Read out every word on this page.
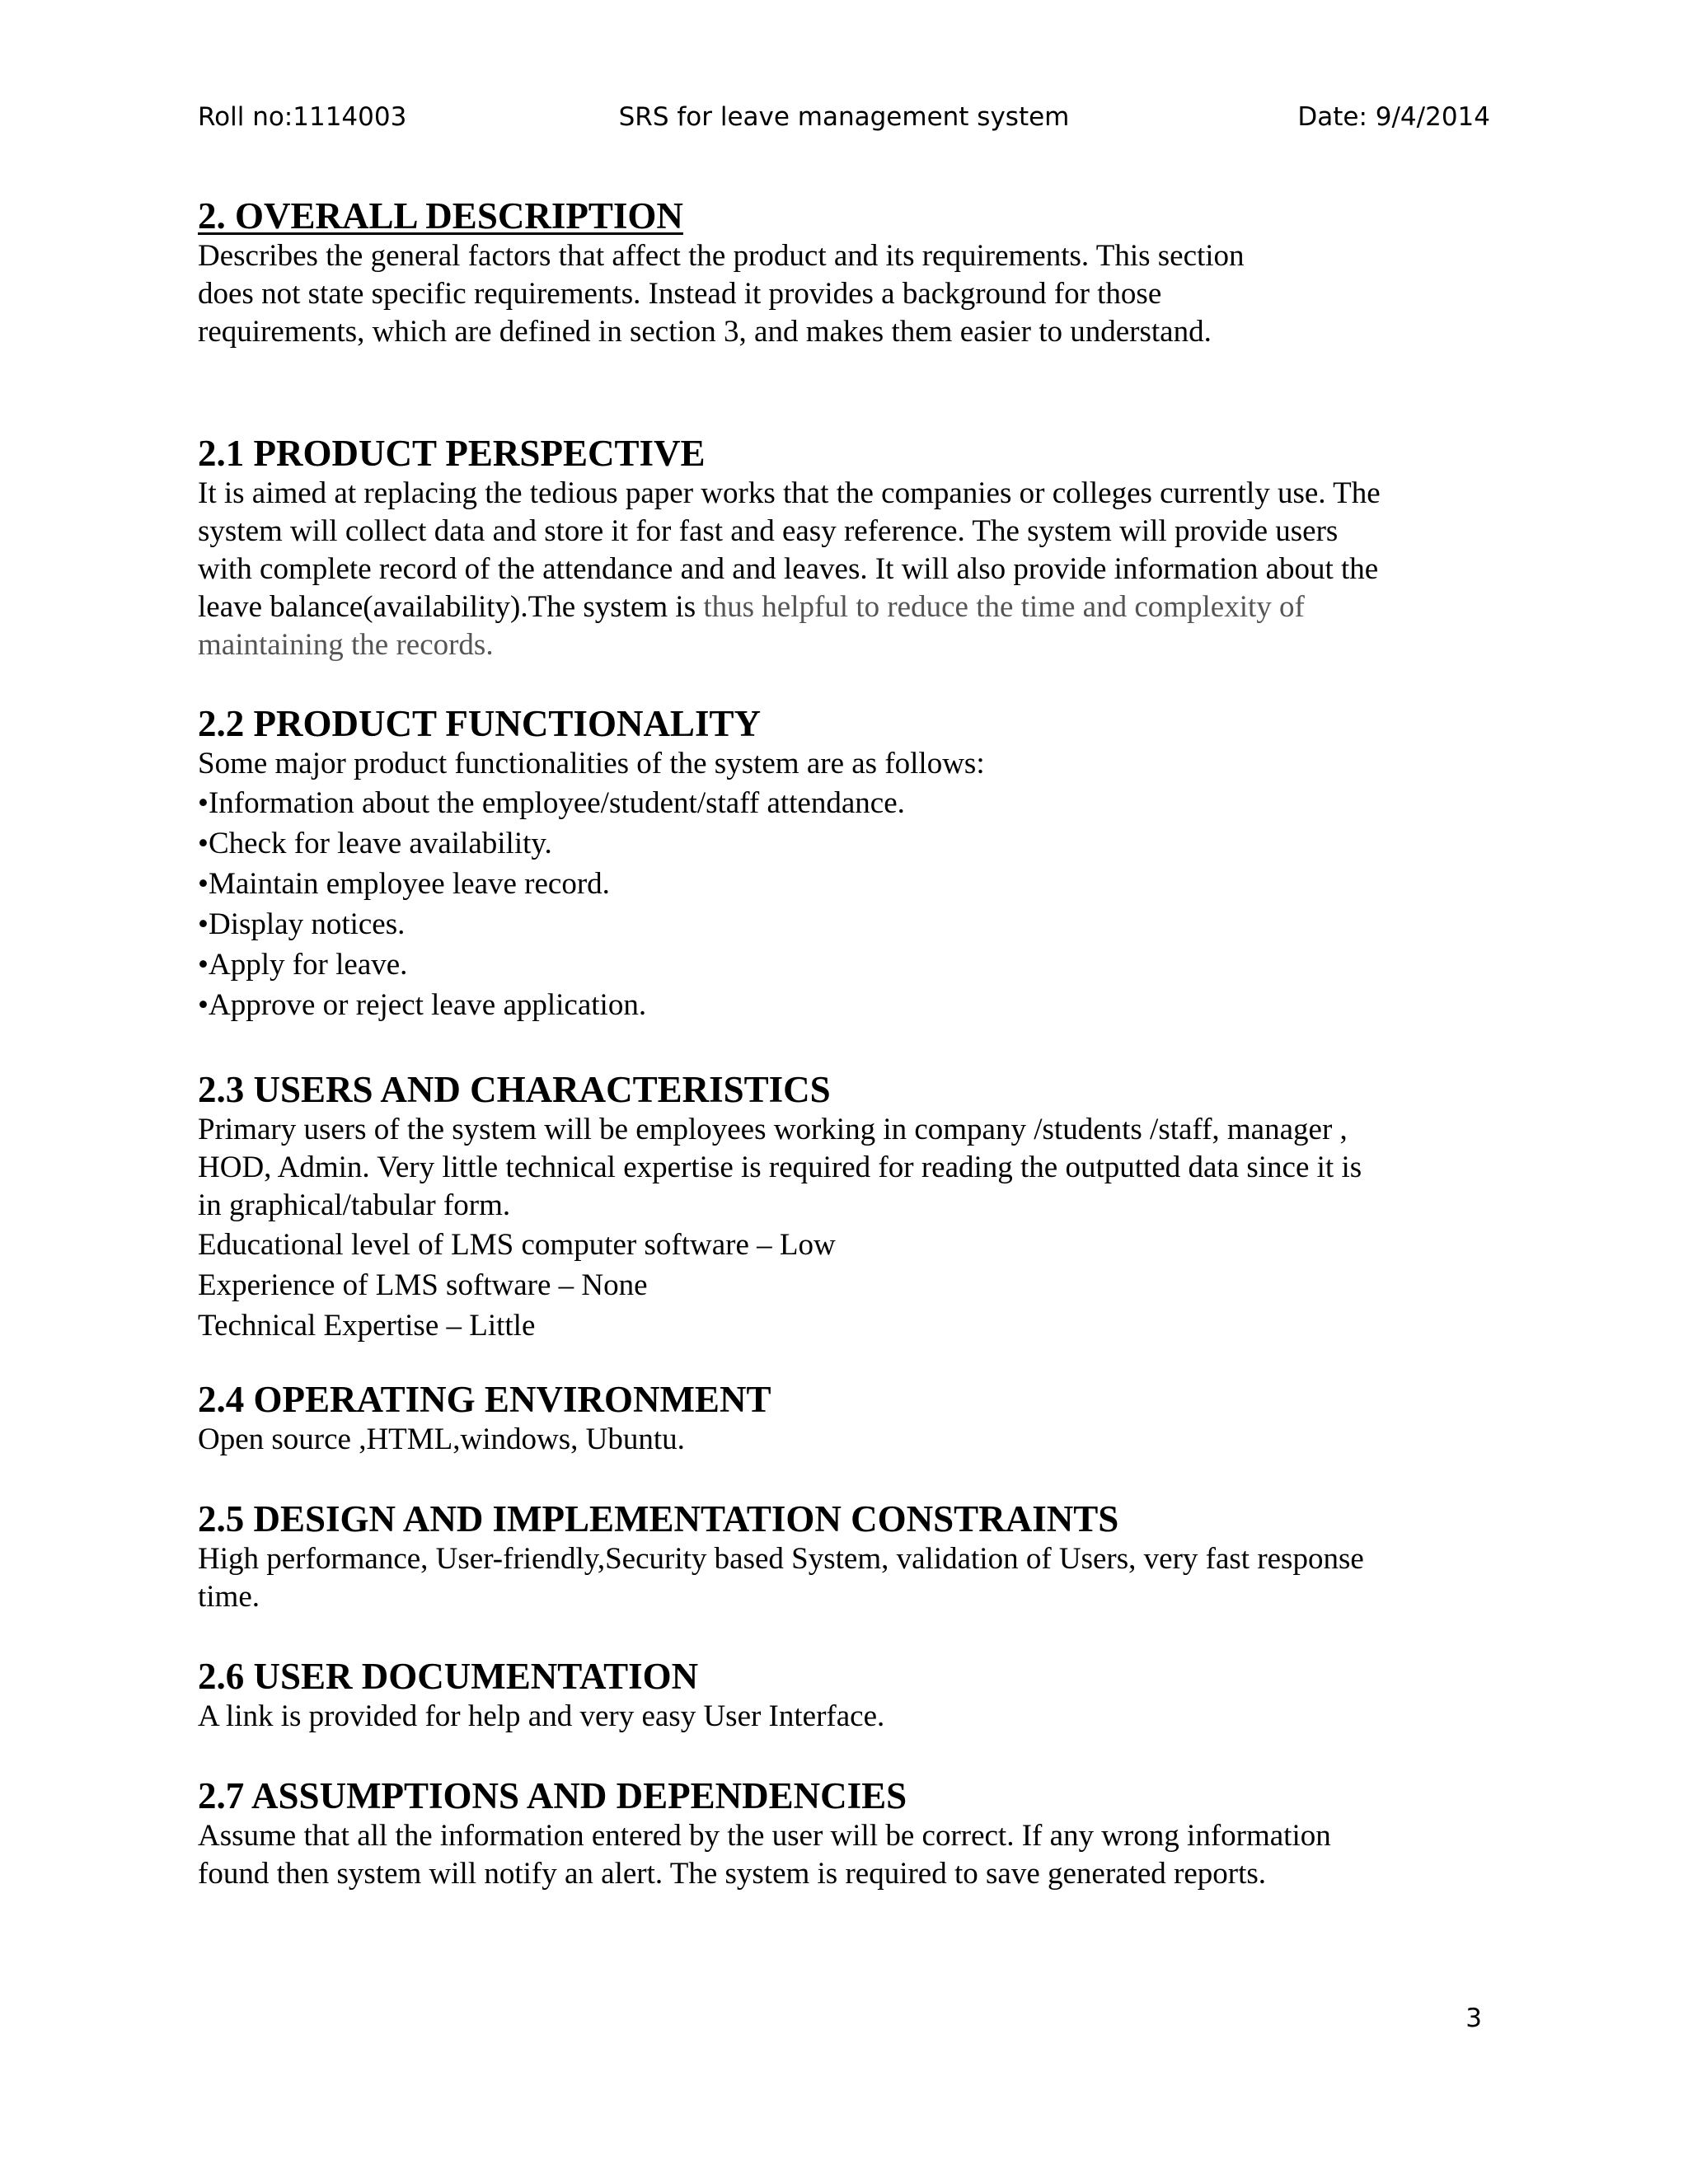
Roll no:1114003	SRS for leave management system	Date: 9/4/2014
2. OVERALL DESCRIPTION

Describes the general factors that affect the product and its requirements. This section

does not state specific requirements. Instead it provides a background for those

requirements, which are defined in section 3, and makes them easier to understand.

2.1 PRODUCT PERSPECTIVE

It is aimed at replacing the tedious paper works that the companies or colleges currently use. The

system will collect data and store it for fast and easy reference. The system will provide users

with complete record of the attendance and and leaves. It will also provide information about the

leave balance(availability).The system is thus helpful to reduce the time and complexity of

maintaining the records.

2.2 PRODUCT FUNCTIONALITY

Some major product functionalities of the system are as follows:

•Information about the employee/student/staff attendance.
•Check for leave availability.
•Maintain employee leave record.
•Display notices.
•Apply for leave.
•Approve or reject leave application.
2.3 USERS AND CHARACTERISTICS

Primary users of the system will be employees working in company /students /staff, manager ,

HOD, Admin. Very little technical expertise is required for reading the outputted data since it is

in graphical/tabular form.

Educational level of LMS computer software – Low

Experience of LMS software – None

Technical Expertise – Little

2.4 OPERATING ENVIRONMENT

Open source ,HTML,windows, Ubuntu.

2.5 DESIGN AND IMPLEMENTATION CONSTRAINTS

High performance, User-friendly,Security based System, validation of Users, very fast response

time.

2.6 USER DOCUMENTATION

A link is provided for help and very easy User Interface.

2.7 ASSUMPTIONS AND DEPENDENCIES

Assume that all the information entered by the user will be correct. If any wrong information

found then system will notify an alert. The system is required to save generated reports.

3
